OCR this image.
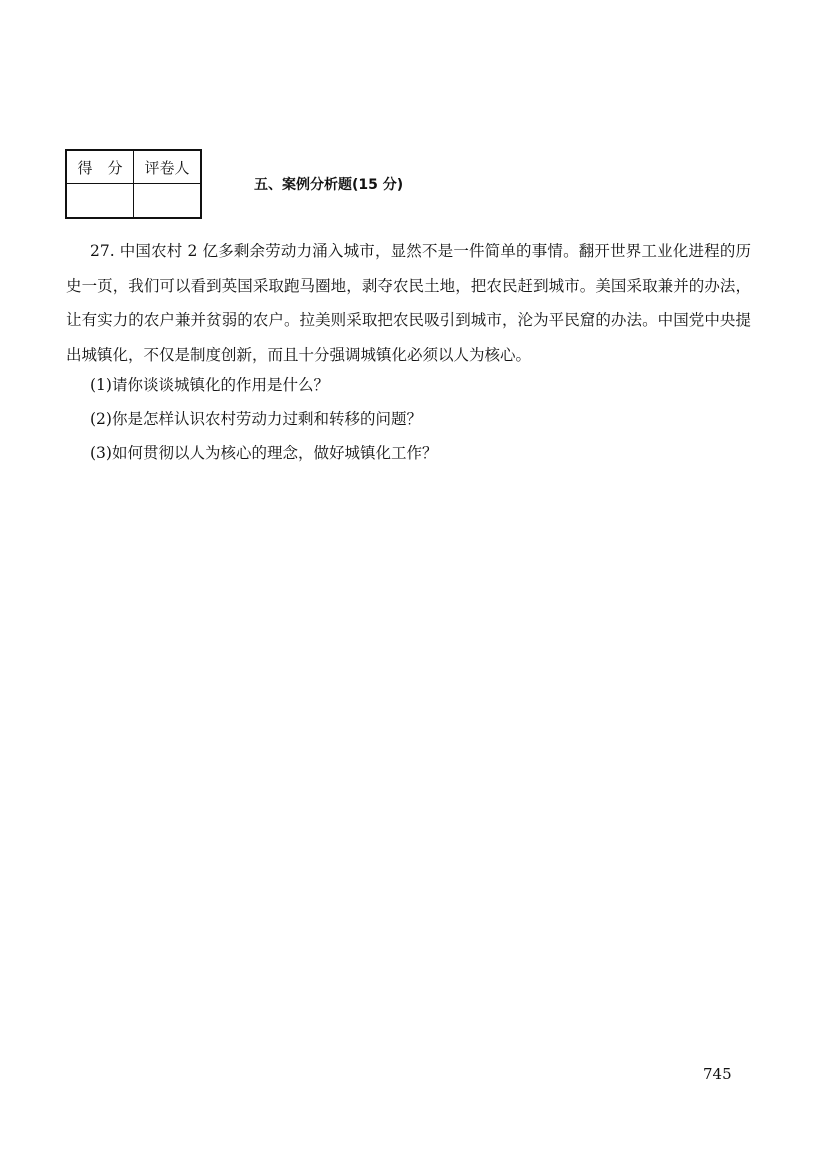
得　分	评卷人

五、案例分析题(15 分)

27. 中国农村 2 亿多剩余劳动力涌入城市，显然不是一件简单的事情。翻开世界工业化进程的历史一页，我们可以看到英国采取跑马圈地，剥夺农民土地，把农民赶到城市。美国采取兼并的办法，让有实力的农户兼并贫弱的农户。拉美则采取把农民吸引到城市，沦为平民窟的办法。中国党中央提出城镇化，不仅是制度创新，而且十分强调城镇化必须以人为核心。

(1)请你谈谈城镇化的作用是什么？

(2)你是怎样认识农村劳动力过剩和转移的问题？

(3)如何贯彻以人为核心的理念，做好城镇化工作？

745
